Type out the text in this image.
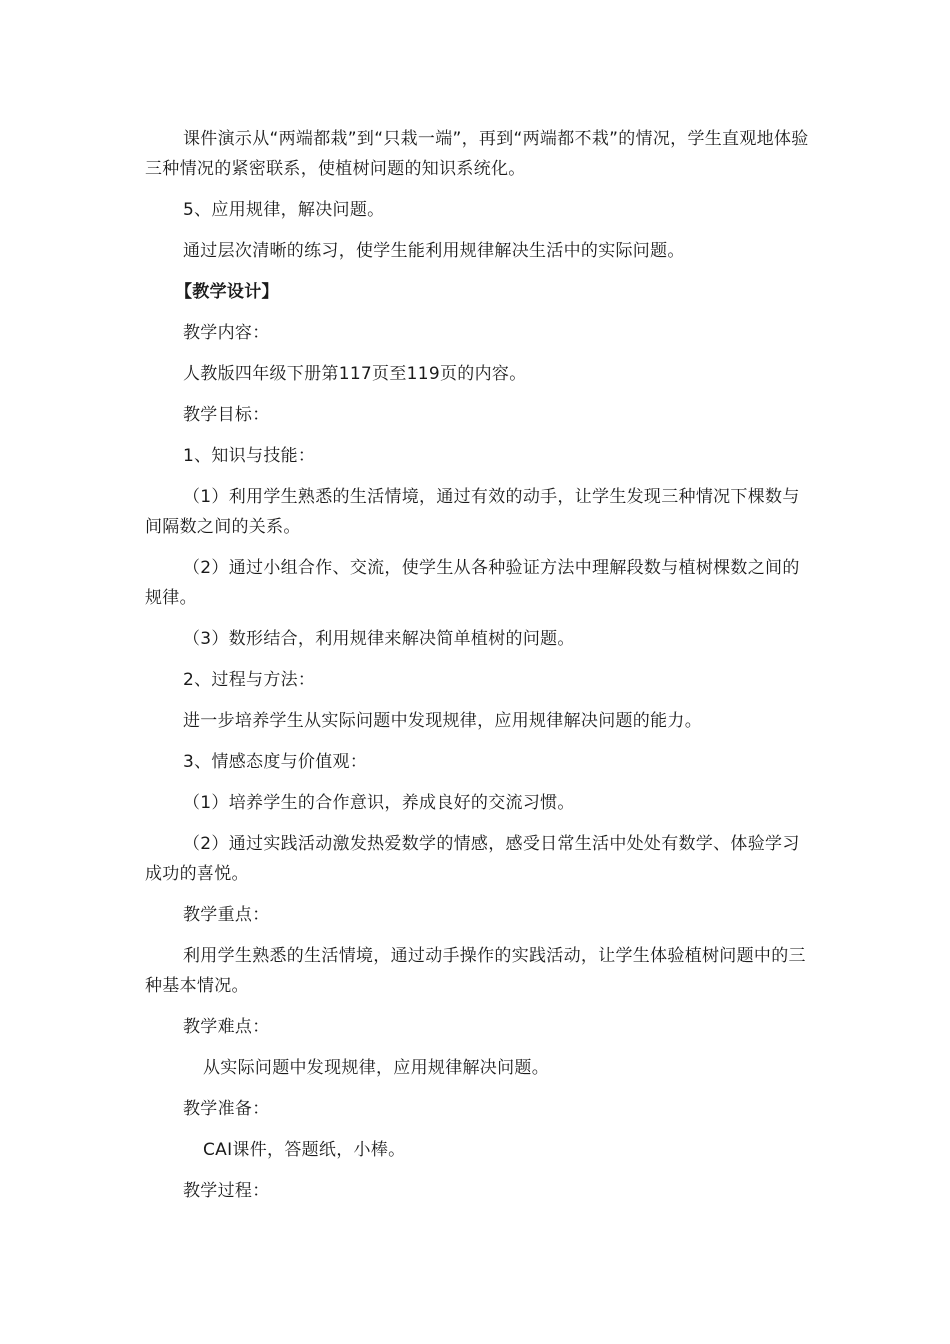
课件演示从“两端都栽”到“只栽一端”，再到“两端都不栽”的情况，学生直观地体验三种情况的紧密联系，使植树问题的知识系统化。

5、应用规律，解决问题。

通过层次清晰的练习，使学生能利用规律解决生活中的实际问题。

【教学设计】

教学内容：

人教版四年级下册第117页至119页的内容。

教学目标：

1、知识与技能：

（1）利用学生熟悉的生活情境，通过有效的动手，让学生发现三种情况下棵数与间隔数之间的关系。

（2）通过小组合作、交流，使学生从各种验证方法中理解段数与植树棵数之间的规律。

（3）数形结合，利用规律来解决简单植树的问题。

2、过程与方法：

进一步培养学生从实际问题中发现规律，应用规律解决问题的能力。

3、情感态度与价值观：

（1）培养学生的合作意识，养成良好的交流习惯。

（2）通过实践活动激发热爱数学的情感，感受日常生活中处处有数学、体验学习成功的喜悦。

教学重点：

利用学生熟悉的生活情境，通过动手操作的实践活动，让学生体验植树问题中的三种基本情况。

教学难点：

从实际问题中发现规律，应用规律解决问题。

教学准备：

CAI课件，答题纸，小棒。

教学过程：
